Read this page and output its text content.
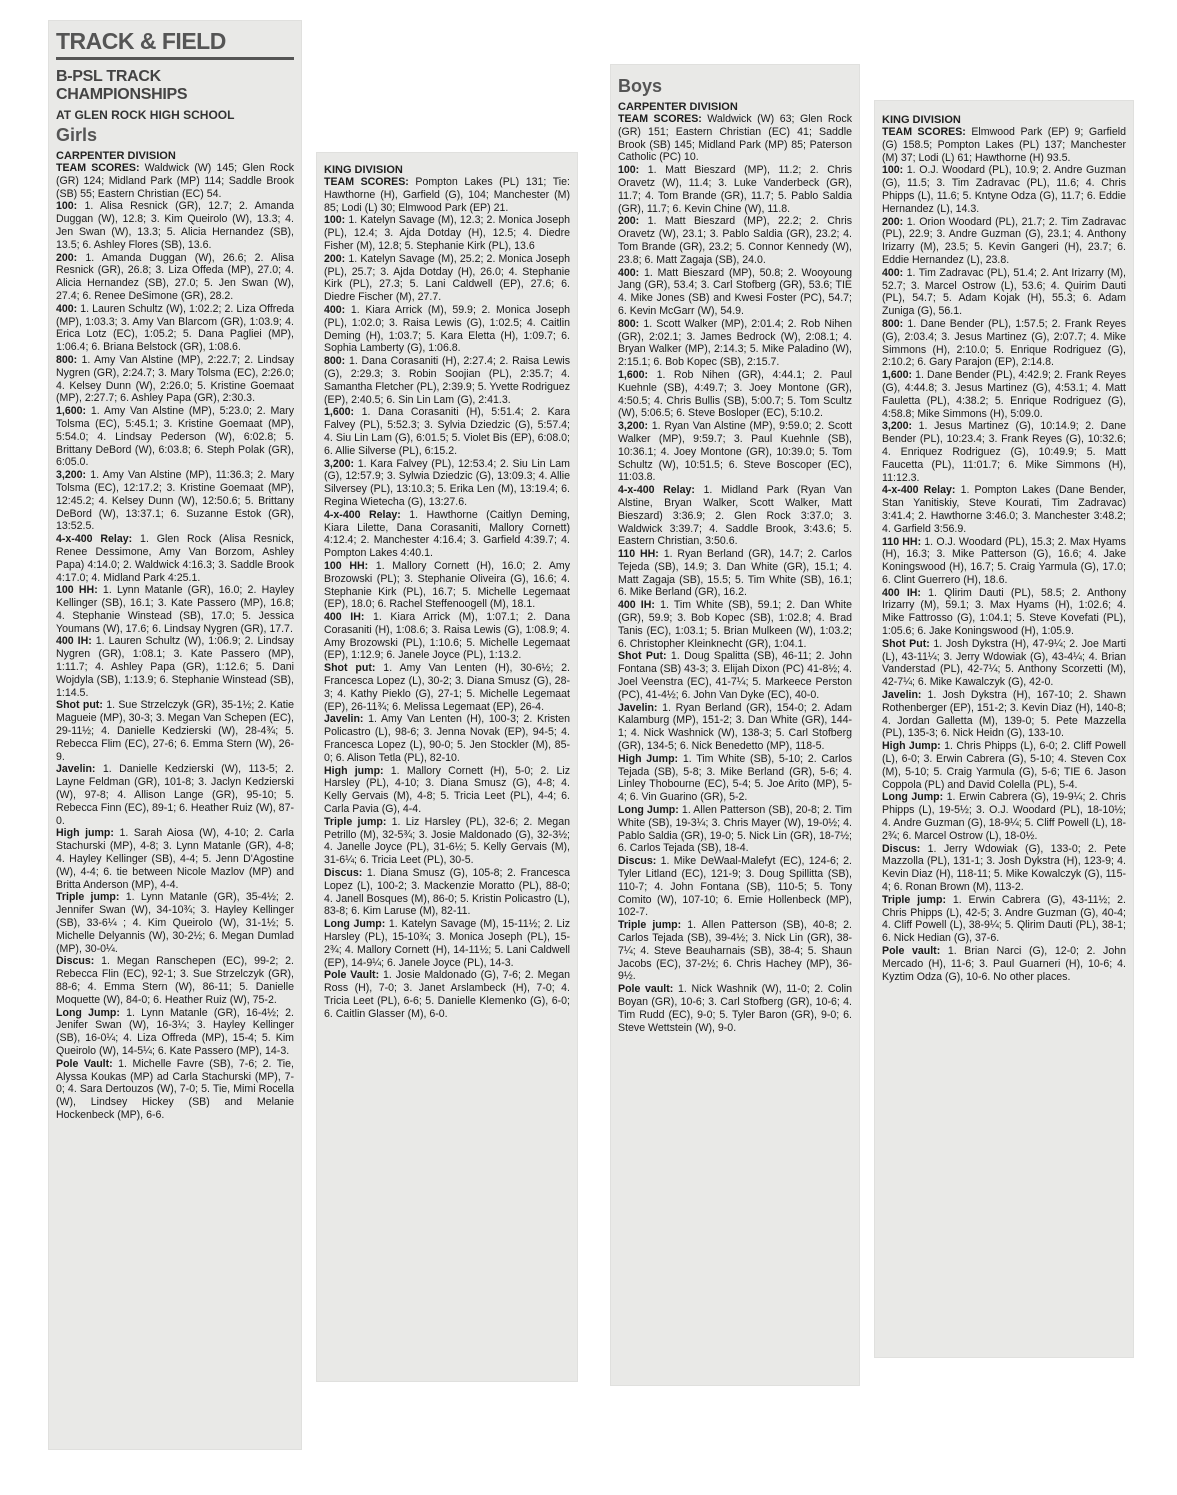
TRACK & FIELD
B-PSL TRACK CHAMPIONSHIPS
AT GLEN ROCK HIGH SCHOOL
Girls
CARPENTER DIVISION

TEAM SCORES: Waldwick (W) 145; Glen Rock (GR) 124; Midland Park (MP) 114; Saddle Brook (SB) 55; Eastern Christian (EC) 54.

100: 1. Alisa Resnick (GR), 12.7; 2. Amanda Duggan (W), 12.8; 3. Kim Queirolo (W), 13.3; 4. Jen Swan (W), 13.3; 5. Alicia Hernandez (SB), 13.5; 6. Ashley Flores (SB), 13.6.

200: 1. Amanda Duggan (W), 26.6; 2. Alisa Resnick (GR), 26.8; 3. Liza Offeda (MP), 27.0; 4. Alicia Hernandez (SB), 27.0; 5. Jen Swan (W), 27.4; 6. Renee DeSimone (GR), 28.2.

400: 1. Lauren Schultz (W), 1:02.2; 2. Liza Offreda (MP), 1:03.3; 3. Amy Van Blarcom (GR), 1:03.9; 4. Erica Lotz (EC), 1:05.2; 5. Dana Pagliei (MP), 1:06.4; 6. Briana Belstock (GR), 1:08.6.

800: 1. Amy Van Alstine (MP), 2:22.7; 2. Lindsay Nygren (GR), 2:24.7; 3. Mary Tolsma (EC), 2:26.0; 4. Kelsey Dunn (W), 2:26.0; 5. Kristine Goemaat (MP), 2:27.7; 6. Ashley Papa (GR), 2:30.3.

1,600: 1. Amy Van Alstine (MP), 5:23.0; 2. Mary Tolsma (EC), 5:45.1; 3. Kristine Goemaat (MP), 5:54.0; 4. Lindsay Pederson (W), 6:02.8; 5. Brittany DeBord (W), 6:03.8; 6. Steph Polak (GR), 6:05.0.

3,200: 1. Amy Van Alstine (MP), 11:36.3; 2. Mary Tolsma (EC), 12:17.2; 3. Kristine Goemaat (MP), 12:45.2; 4. Kelsey Dunn (W), 12:50.6; 5. Brittany DeBord (W), 13:37.1; 6. Suzanne Estok (GR), 13:52.5.

4-x-400 Relay: 1. Glen Rock (Alisa Resnick, Renee Dessimone, Amy Van Borzom, Ashley Papa) 4:14.0; 2. Waldwick 4:16.3; 3. Saddle Brook 4:17.0; 4. Midland Park 4:25.1.

100 HH: 1. Lynn Matanle (GR), 16.0; 2. Hayley Kellinger (SB), 16.1; 3. Kate Passero (MP), 16.8; 4. Stephanie Winstead (SB), 17.0; 5. Jessica Youmans (W), 17.6; 6. Lindsay Nygren (GR), 17.7.

400 IH: 1. Lauren Schultz (W), 1:06.9; 2. Lindsay Nygren (GR), 1:08.1; 3. Kate Passero (MP), 1:11.7; 4. Ashley Papa (GR), 1:12.6; 5. Dani Wojdyla (SB), 1:13.9; 6. Stephanie Winstead (SB), 1:14.5.

Shot put: 1. Sue Strzelczyk (GR), 35-1½; 2. Katie Magueie (MP), 30-3; 3. Megan Van Schepen (EC), 29-11½; 4. Danielle Kedzierski (W), 28-4¾; 5. Rebecca Flim (EC), 27-6; 6. Emma Stern (W), 26-9.

Javelin: 1. Danielle Kedzierski (W), 113-5; 2. Layne Feldman (GR), 101-8; 3. Jaclyn Kedzierski (W), 97-8; 4. Allison Lange (GR), 95-10; 5. Rebecca Finn (EC), 89-1; 6. Heather Ruiz (W), 87-0.

High jump: 1. Sarah Aiosa (W), 4-10; 2. Carla Stachurski (MP), 4-8; 3. Lynn Matanle (GR), 4-8; 4. Hayley Kellinger (SB), 4-4; 5. Jenn D'Agostine (W), 4-4; 6. tie between Nicole Mazlov (MP) and Britta Anderson (MP), 4-4.

Triple jump: 1. Lynn Matanle (GR), 35-4½; 2. Jennifer Swan (W), 34-10¾; 3. Hayley Kellinger (SB), 33-6¼ ; 4. Kim Queirolo (W), 31-1½; 5. Michelle Delyannis (W), 30-2½; 6. Megan Dumlad (MP), 30-0¼.

Discus: 1. Megan Ranschepen (EC), 99-2; 2. Rebecca Flin (EC), 92-1; 3. Sue Strzelczyk (GR), 88-6; 4. Emma Stern (W), 86-11; 5. Danielle Moquette (W), 84-0; 6. Heather Ruiz (W), 75-2.

Long Jump: 1. Lynn Matanle (GR), 16-4½; 2. Jenifer Swan (W), 16-3¼; 3. Hayley Kellinger (SB), 16-0¼; 4. Liza Offreda (MP), 15-4; 5. Kim Queirolo (W), 14-5¼; 6. Kate Passero (MP), 14-3.

Pole Vault: 1. Michelle Favre (SB), 7-6; 2. Tie, Alyssa Koukas (MP) ad Carla Stachurski (MP), 7-0; 4. Sara Dertouzos (W), 7-0; 5. Tie, Mimi Rocella (W), Lindsey Hickey (SB) and Melanie Hockenbeck (MP), 6-6.

KING DIVISION

TEAM SCORES: Pompton Lakes (PL) 131; Tie: Hawthorne (H), Garfield (G), 104; Manchester (M) 85; Lodi (L) 30; Elmwood Park (EP) 21.

100: 1. Katelyn Savage (M), 12.3; 2. Monica Joseph (PL), 12.4; 3. Ajda Dotday (H), 12.5; 4. Diedre Fisher (M), 12.8; 5. Stephanie Kirk (PL), 13.6

200: 1. Katelyn Savage (M), 25.2; 2. Monica Joseph (PL), 25.7; 3. Ajda Dotday (H), 26.0; 4. Stephanie Kirk (PL), 27.3; 5. Lani Caldwell (EP), 27.6; 6. Diedre Fischer (M), 27.7.

400: 1. Kiara Arrick (M), 59.9; 2. Monica Joseph (PL), 1:02.0; 3. Raisa Lewis (G), 1:02.5; 4. Caitlin Deming (H), 1:03.7; 5. Kara Eletta (H), 1:09.7; 6. Sophia Lamberty (G), 1:06.8.

800: 1. Dana Corasaniti (H), 2:27.4; 2. Raisa Lewis (G), 2:29.3; 3. Robin Soojian (PL), 2:35.7; 4. Samantha Fletcher (PL), 2:39.9; 5. Yvette Rodriguez (EP), 2:40.5; 6. Sin Lin Lam (G), 2:41.3.

1,600: 1. Dana Corasaniti (H), 5:51.4; 2. Kara Falvey (PL), 5:52.3; 3. Sylvia Dziedzic (G), 5:57.4; 4. Siu Lin Lam (G), 6:01.5; 5. Violet Bis (EP), 6:08.0; 6. Allie Silverse (PL), 6:15.2.

3,200: 1. Kara Falvey (PL), 12:53.4; 2. Siu Lin Lam (G), 12:57.9; 3. Sylwia Dziedzic (G), 13:09.3; 4. Allie Silversey (PL), 13:10.3; 5. Erika Len (M), 13:19.4; 6. Regina Wietecha (G), 13:27.6.

4-x-400 Relay: 1. Hawthorne (Caitlyn Deming, Kiara Lilette, Dana Corasaniti, Mallory Cornett) 4:12.4; 2. Manchester 4:16.4; 3. Garfield 4:39.7; 4. Pompton Lakes 4:40.1.

100 HH: 1. Mallory Cornett (H), 16.0; 2. Amy Brozowski (PL); 3. Stephanie Oliveira (G), 16.6; 4. Stephanie Kirk (PL), 16.7; 5. Michelle Legemaat (EP), 18.0; 6. Rachel Steffenoogell (M), 18.1.

400 IH: 1. Kiara Arrick (M), 1:07.1; 2. Dana Corasaniti (H), 1:08.6; 3. Raisa Lewis (G), 1:08.9; 4. Amy Brozowski (PL), 1:10.6; 5. Michelle Legemaat (EP), 1:12.9; 6. Janele Joyce (PL), 1:13.2.

Shot put: 1. Amy Van Lenten (H), 30-6½; 2. Francesca Lopez (L), 30-2; 3. Diana Smusz (G), 28-3; 4. Kathy Pieklo (G), 27-1; 5. Michelle Legemaat (EP), 26-11¾; 6. Melissa Legemaat (EP), 26-4.

Javelin: 1. Amy Van Lenten (H), 100-3; 2. Kristen Policastro (L), 98-6; 3. Jenna Novak (EP), 94-5; 4. Francesca Lopez (L), 90-0; 5. Jen Stockler (M), 85-0; 6. Alison Tetla (PL), 82-10.

High jump: 1. Mallory Cornett (H), 5-0; 2. Liz Harsley (PL), 4-10; 3. Diana Smusz (G), 4-8; 4. Kelly Gervais (M), 4-8; 5. Tricia Leet (PL), 4-4; 6. Carla Pavia (G), 4-4.

Triple jump: 1. Liz Harsley (PL), 32-6; 2. Megan Petrillo (M), 32-5¾; 3. Josie Maldonado (G), 32-3½; 4. Janelle Joyce (PL), 31-6½; 5. Kelly Gervais (M), 31-6¼; 6. Tricia Leet (PL), 30-5.

Discus: 1. Diana Smusz (G), 105-8; 2. Francesca Lopez (L), 100-2; 3. Mackenzie Moratto (PL), 88-0; 4. Janell Bosques (M), 86-0; 5. Kristin Policastro (L), 83-8; 6. Kim Laruse (M), 82-11.

Long Jump: 1. Katelyn Savage (M), 15-11½; 2. Liz Harsley (PL), 15-10¾; 3. Monica Joseph (PL), 15-2¾; 4. Mallory Cornett (H), 14-11½; 5. Lani Caldwell (EP), 14-9¼; 6. Janele Joyce (PL), 14-3.

Pole Vault: 1. Josie Maldonado (G), 7-6; 2. Megan Ross (H), 7-0; 3. Janet Arslambeck (H), 7-0; 4. Tricia Leet (PL), 6-6; 5. Danielle Klemenko (G), 6-0; 6. Caitlin Glasser (M), 6-0.

Boys
CARPENTER DIVISION

TEAM SCORES: Waldwick (W) 63; Glen Rock (GR) 151; Eastern Christian (EC) 41; Saddle Brook (SB) 145; Midland Park (MP) 85; Paterson Catholic (PC) 10.

100: 1. Matt Bieszard (MP), 11.2; 2. Chris Oravetz (W), 11.4; 3. Luke Vanderbeck (GR), 11.7; 4. Tom Brande (GR), 11.7; 5. Pablo Saldia (GR), 11.7; 6. Kevin Chine (W), 11.8.

200: 1. Matt Bieszard (MP), 22.2; 2. Chris Oravetz (W), 23.1; 3. Pablo Saldia (GR), 23.2; 4. Tom Brande (GR), 23.2; 5. Connor Kennedy (W), 23.8; 6. Matt Zagaja (SB), 24.0.

400: 1. Matt Bieszard (MP), 50.8; 2. Wooyoung Jang (GR), 53.4; 3. Carl Stofberg (GR), 53.6; TIE 4. Mike Jones (SB) and Kwesi Foster (PC), 54.7; 6. Kevin McGarr (W), 54.9.

800: 1. Scott Walker (MP), 2:01.4; 2. Rob Nihen (GR), 2:02.1; 3. James Bedrock (W), 2:08.1; 4. Bryan Walker (MP), 2:14.3; 5. Mike Paladino (W), 2:15.1; 6. Bob Kopec (SB), 2:15.7.

1,600: 1. Rob Nihen (GR), 4:44.1; 2. Paul Kuehnle (SB), 4:49.7; 3. Joey Montone (GR), 4:50.5; 4. Chris Bullis (SB), 5:00.7; 5. Tom Scultz (W), 5:06.5; 6. Steve Bosloper (EC), 5:10.2.

3,200: 1. Ryan Van Alstine (MP), 9:59.0; 2. Scott Walker (MP), 9:59.7; 3. Paul Kuehnle (SB), 10:36.1; 4. Joey Montone (GR), 10:39.0; 5. Tom Schultz (W), 10:51.5; 6. Steve Boscoper (EC), 11:03.8.

4-x-400 Relay: 1. Midland Park (Ryan Van Alstine, Bryan Walker, Scott Walker, Matt Bieszard) 3:36.9; 2. Glen Rock 3:37.0; 3. Waldwick 3:39.7; 4. Saddle Brook, 3:43.6; 5. Eastern Christian, 3:50.6.

110 HH: 1. Ryan Berland (GR), 14.7; 2. Carlos Tejeda (SB), 14.9; 3. Dan White (GR), 15.1; 4. Matt Zagaja (SB), 15.5; 5. Tim White (SB), 16.1; 6. Mike Berland (GR), 16.2.

400 IH: 1. Tim White (SB), 59.1; 2. Dan White (GR), 59.9; 3. Bob Kopec (SB), 1:02.8; 4. Brad Tanis (EC), 1:03.1; 5. Brian Mulkeen (W), 1:03.2; 6. Christopher Kleinknecht (GR), 1:04.1.

Shot Put: 1. Doug Spalitta (SB), 46-11; 2. John Fontana (SB) 43-3; 3. Elijah Dixon (PC) 41-8½; 4. Joel Veenstra (EC), 41-7¼; 5. Markeece Perston (PC), 41-4½; 6. John Van Dyke (EC), 40-0.

Javelin: 1. Ryan Berland (GR), 154-0; 2. Adam Kalamburg (MP), 151-2; 3. Dan White (GR), 144-1; 4. Nick Washnick (W), 138-3; 5. Carl Stofberg (GR), 134-5; 6. Nick Benedetto (MP), 118-5.

High Jump: 1. Tim White (SB), 5-10; 2. Carlos Tejada (SB), 5-8; 3. Mike Berland (GR), 5-6; 4. Linley Thobourne (EC), 5-4; 5. Joe Arito (MP), 5-4; 6. Vin Guarino (GR), 5-2.

Long Jump: 1. Allen Patterson (SB), 20-8; 2. Tim White (SB), 19-3¼; 3. Chris Mayer (W), 19-0½; 4. Pablo Saldia (GR), 19-0; 5. Nick Lin (GR), 18-7½; 6. Carlos Tejada (SB), 18-4.

Discus: 1. Mike DeWaal-Malefyt (EC), 124-6; 2. Tyler Litland (EC), 121-9; 3. Doug Spillitta (SB), 110-7; 4. John Fontana (SB), 110-5; 5. Tony Comito (W), 107-10; 6. Ernie Hollenbeck (MP), 102-7.

Triple jump: 1. Allen Patterson (SB), 40-8; 2. Carlos Tejada (SB), 39-4½; 3. Nick Lin (GR), 38-7¼; 4. Steve Beauharnais (SB), 38-4; 5. Shaun Jacobs (EC), 37-2½; 6. Chris Hachey (MP), 36-9½.

Pole vault: 1. Nick Washnik (W), 11-0; 2. Colin Boyan (GR), 10-6; 3. Carl Stofberg (GR), 10-6; 4. Tim Rudd (EC), 9-0; 5. Tyler Baron (GR), 9-0; 6. Steve Wettstein (W), 9-0.

KING DIVISION

TEAM SCORES: Elmwood Park (EP) 9; Garfield (G) 158.5; Pompton Lakes (PL) 137; Manchester (M) 37; Lodi (L) 61; Hawthorne (H) 93.5.

100: 1. O.J. Woodard (PL), 10.9; 2. Andre Guzman (G), 11.5; 3. Tim Zadravac (PL), 11.6; 4. Chris Phipps (L), 11.6; 5. Kntyne Odza (G), 11.7; 6. Eddie Hernandez (L), 14.3.

200: 1. Orion Woodard (PL), 21.7; 2. Tim Zadravac (PL), 22.9; 3. Andre Guzman (G), 23.1; 4. Anthony Irizarry (M), 23.5; 5. Kevin Gangeri (H), 23.7; 6. Eddie Hernandez (L), 23.8.

400: 1. Tim Zadravac (PL), 51.4; 2. Ant Irizarry (M), 52.7; 3. Marcel Ostrow (L), 53.6; 4. Quirim Dauti (PL), 54.7; 5. Adam Kojak (H), 55.3; 6. Adam Zuniga (G), 56.1.

800: 1. Dane Bender (PL), 1:57.5; 2. Frank Reyes (G), 2:03.4; 3. Jesus Martinez (G), 2:07.7; 4. Mike Simmons (H), 2:10.0; 5. Enrique Rodriguez (G), 2:10.2; 6. Gary Parajon (EP), 2:14.8.

1,600: 1. Dane Bender (PL), 4:42.9; 2. Frank Reyes (G), 4:44.8; 3. Jesus Martinez (G), 4:53.1; 4. Matt Fauletta (PL), 4:38.2; 5. Enrique Rodriguez (G), 4:58.8; Mike Simmons (H), 5:09.0.

3,200: 1. Jesus Martinez (G), 10:14.9; 2. Dane Bender (PL), 10:23.4; 3. Frank Reyes (G), 10:32.6; 4. Enriquez Rodriguez (G), 10:49.9; 5. Matt Faucetta (PL), 11:01.7; 6. Mike Simmons (H), 11:12.3.

4-x-400 Relay: 1. Pompton Lakes (Dane Bender, Stan Yanitiskiy, Steve Kourati, Tim Zadravac) 3:41.4; 2. Hawthorne 3:46.0; 3. Manchester 3:48.2; 4. Garfield 3:56.9.

110 HH: 1. O.J. Woodard (PL), 15.3; 2. Max Hyams (H), 16.3; 3. Mike Patterson (G), 16.6; 4. Jake Koningswood (H), 16.7; 5. Craig Yarmula (G), 17.0; 6. Clint Guerrero (H), 18.6.

400 IH: 1. Qlirim Dauti (PL), 58.5; 2. Anthony Irizarry (M), 59.1; 3. Max Hyams (H), 1:02.6; 4. Mike Fattrosso (G), 1:04.1; 5. Steve Kovefati (PL), 1:05.6; 6. Jake Koningswood (H), 1:05.9.

Shot Put: 1. Josh Dykstra (H), 47-9¼; 2. Joe Marti (L), 43-11¼; 3. Jerry Wdowiak (G), 43-4¼; 4. Brian Vanderstad (PL), 42-7¼; 5. Anthony Scorzetti (M), 42-7¼; 6. Mike Kawalczyk (G), 42-0.

Javelin: 1. Josh Dykstra (H), 167-10; 2. Shawn Rothenberger (EP), 151-2; 3. Kevin Diaz (H), 140-8; 4. Jordan Galletta (M), 139-0; 5. Pete Mazzella (PL), 135-3; 6. Nick Heidn (G), 133-10.

High Jump: 1. Chris Phipps (L), 6-0; 2. Cliff Powell (L), 6-0; 3. Erwin Cabrera (G), 5-10; 4. Steven Cox (M), 5-10; 5. Craig Yarmula (G), 5-6; TIE 6. Jason Coppola (PL) and David Colella (PL), 5-4.

Long Jump: 1. Erwin Cabrera (G), 19-9¼; 2. Chris Phipps (L), 19-5½; 3. O.J. Woodard (PL), 18-10½; 4. Andre Guzman (G), 18-9¼; 5. Cliff Powell (L), 18-2¾; 6. Marcel Ostrow (L), 18-0½.

Discus: 1. Jerry Wdowiak (G), 133-0; 2. Pete Mazzolla (PL), 131-1; 3. Josh Dykstra (H), 123-9; 4. Kevin Diaz (H), 118-11; 5. Mike Kowalczyk (G), 115-4; 6. Ronan Brown (M), 113-2.

Triple jump: 1. Erwin Cabrera (G), 43-11½; 2. Chris Phipps (L), 42-5; 3. Andre Guzman (G), 40-4; 4. Cliff Powell (L), 38-9¼; 5. Qlirim Dauti (PL), 38-1; 6. Nick Hedian (G), 37-6.

Pole vault: 1. Brian Narci (G), 12-0; 2. John Mercado (H), 11-6; 3. Paul Guarneri (H), 10-6; 4. Kyztim Odza (G), 10-6. No other places.
